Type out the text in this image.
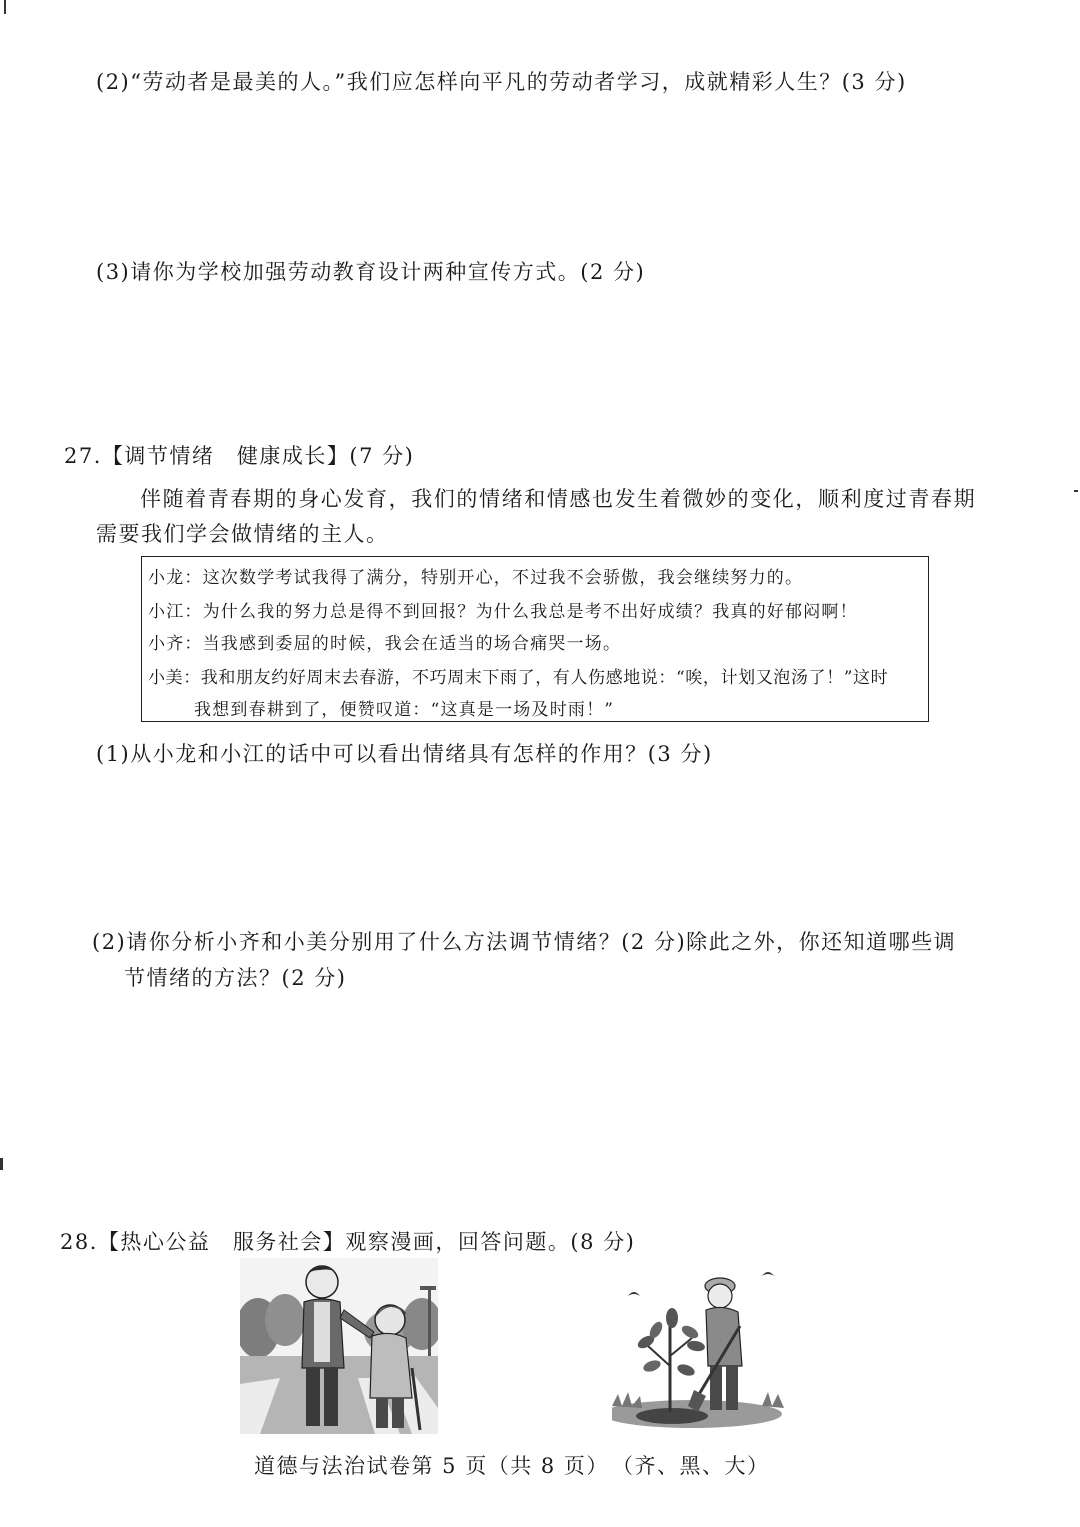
(2)“劳动者是最美的人。”我们应怎样向平凡的劳动者学习，成就精彩人生？(3 分)
(3)请你为学校加强劳动教育设计两种宣传方式。(2 分)
27.【调节情绪　健康成长】(7 分)
伴随着青春期的身心发育，我们的情绪和情感也发生着微妙的变化，顺利度过青春期
需要我们学会做情绪的主人。
小龙：这次数学考试我得了满分，特别开心，不过我不会骄傲，我会继续努力的。
小江：为什么我的努力总是得不到回报？为什么我总是考不出好成绩？我真的好郁闷啊！
小齐：当我感到委屈的时候，我会在适当的场合痛哭一场。
小美：我和朋友约好周末去春游，不巧周末下雨了，有人伤感地说：“唉，计划又泡汤了！”这时
我想到春耕到了，便赞叹道：“这真是一场及时雨！”
(1)从小龙和小江的话中可以看出情绪具有怎样的作用？(3 分)
(2)请你分析小齐和小美分别用了什么方法调节情绪？(2 分)除此之外，你还知道哪些调
节情绪的方法？(2 分)
28.【热心公益　服务社会】观察漫画，回答问题。(8 分)
道德与法治试卷第 5 页（共 8 页） （齐、黑、大）
